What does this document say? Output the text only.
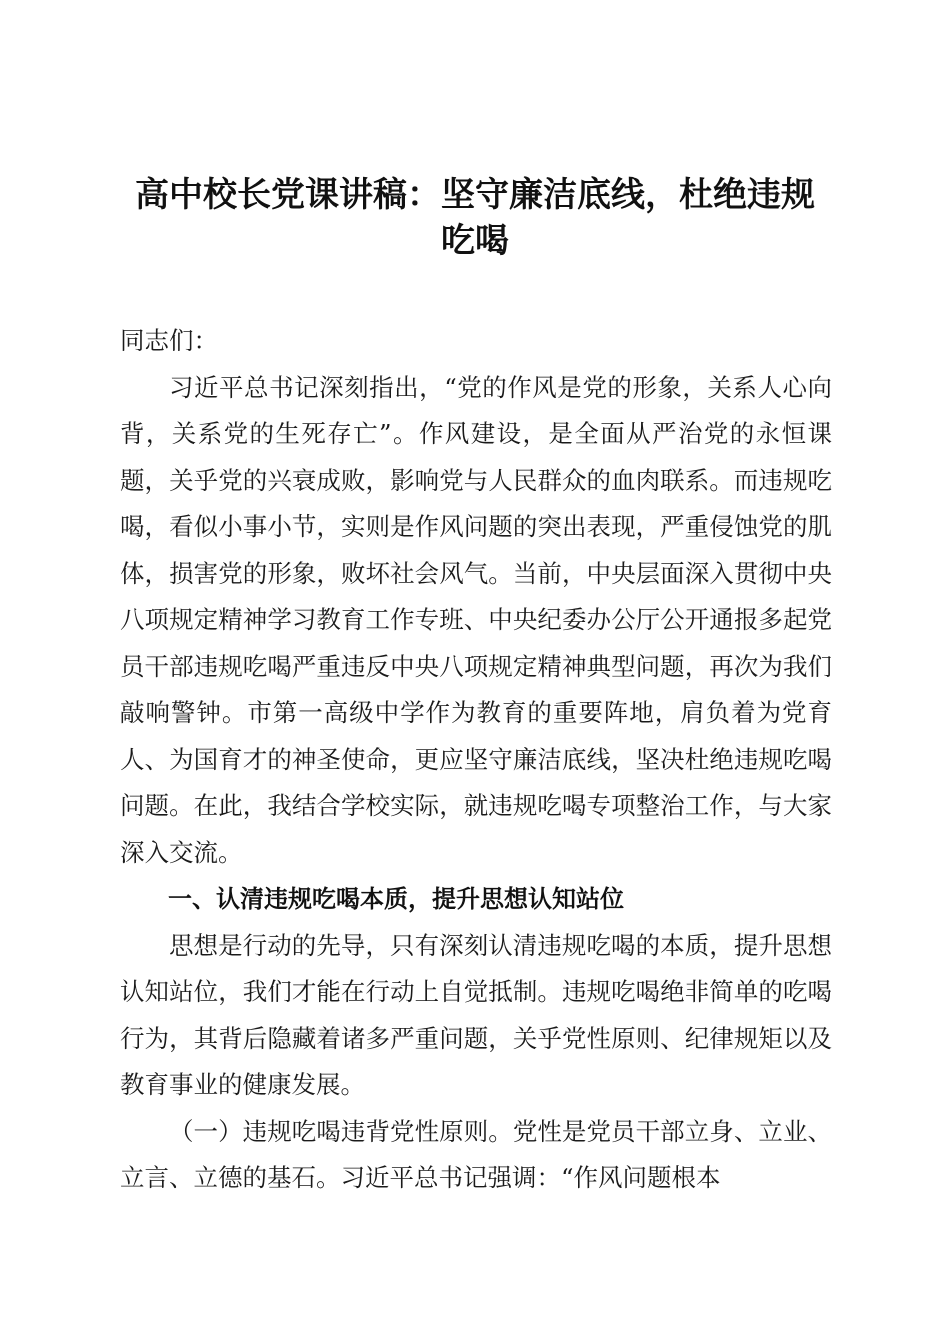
高中校长党课讲稿：坚守廉洁底线，杜绝违规
吃喝

同志们：

习近平总书记深刻指出，“党的作风是党的形象，关系人心向背，关系党的生死存亡”。作风建设，是全面从严治党的永恒课题，关乎党的兴衰成败，影响党与人民群众的血肉联系。而违规吃喝，看似小事小节，实则是作风问题的突出表现，严重侵蚀党的肌体，损害党的形象，败坏社会风气。当前，中央层面深入贯彻中央八项规定精神学习教育工作专班、中央纪委办公厅公开通报多起党员干部违规吃喝严重违反中央八项规定精神典型问题，再次为我们敲响警钟。市第一高级中学作为教育的重要阵地，肩负着为党育人、为国育才的神圣使命，更应坚守廉洁底线，坚决杜绝违规吃喝问题。在此，我结合学校实际，就违规吃喝专项整治工作，与大家深入交流。

一、认清违规吃喝本质，提升思想认知站位

思想是行动的先导，只有深刻认清违规吃喝的本质，提升思想认知站位，我们才能在行动上自觉抵制。违规吃喝绝非简单的吃喝行为，其背后隐藏着诸多严重问题，关乎党性原则、纪律规矩以及教育事业的健康发展。

（一）违规吃喝违背党性原则。党性是党员干部立身、立业、立言、立德的基石。习近平总书记强调：“作风问题根本
